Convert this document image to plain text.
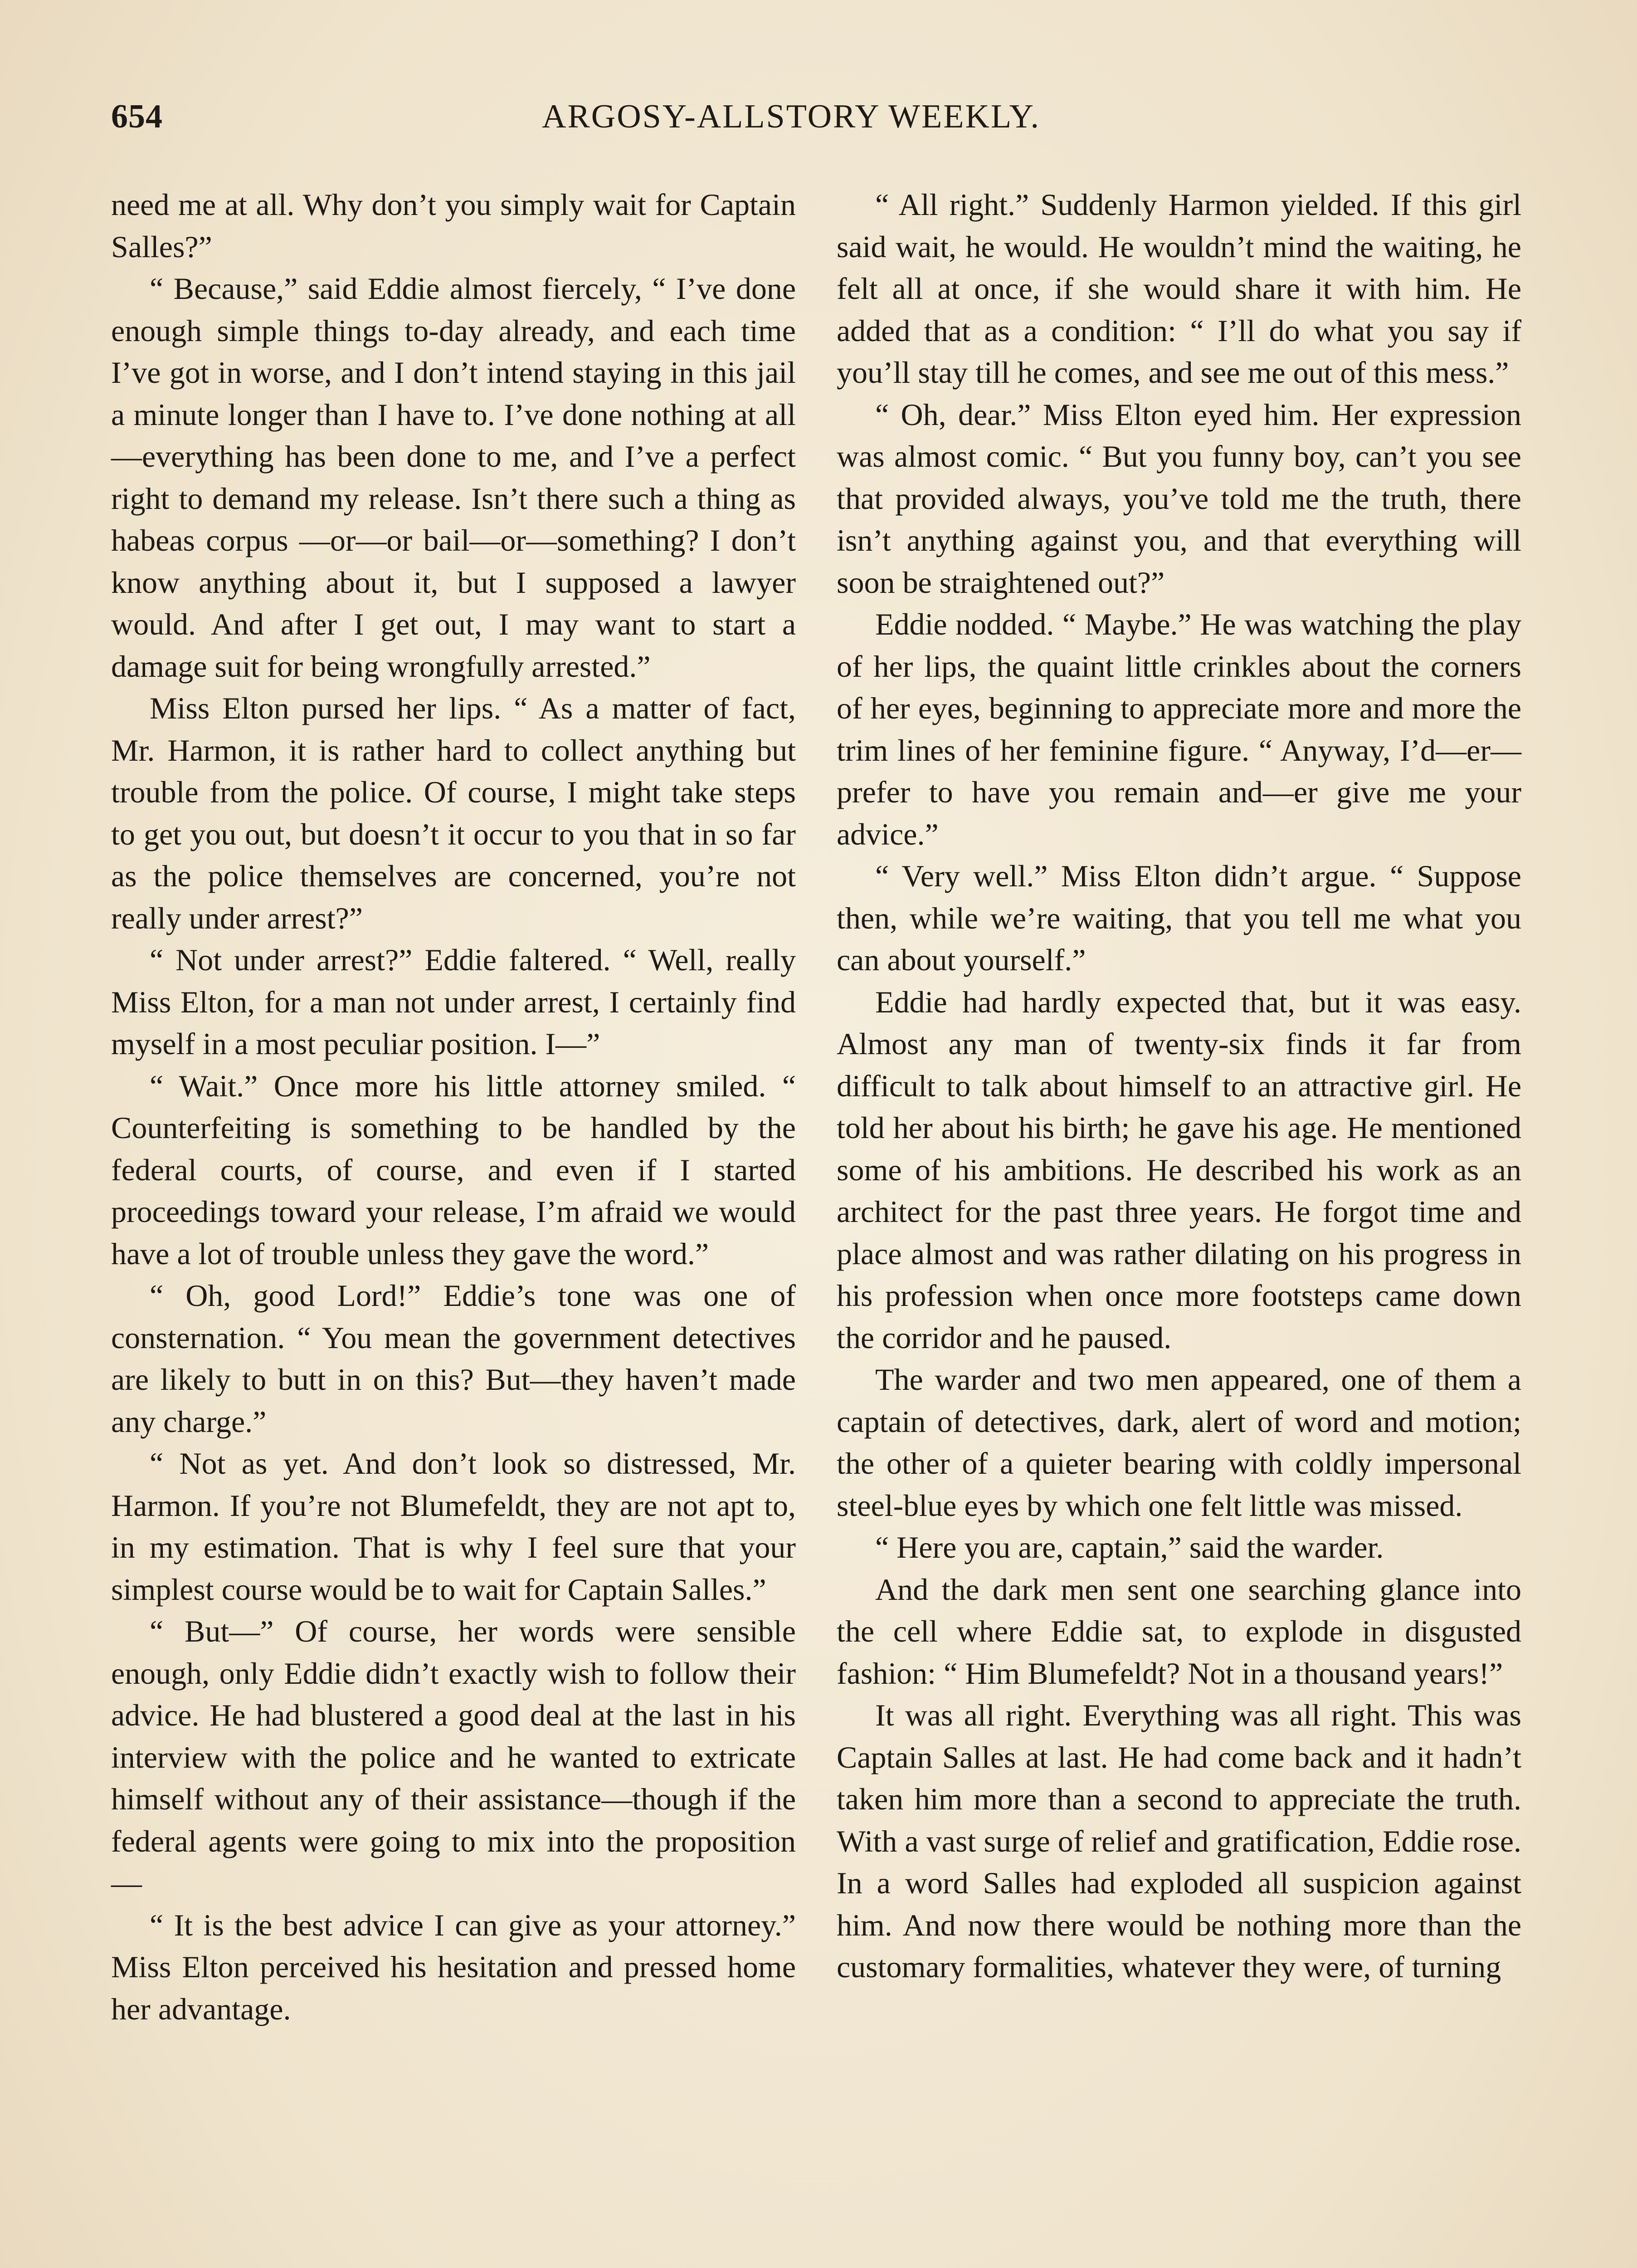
654	ARGOSY-ALLSTORY WEEKLY.

need me at all. Why don’t you simply wait for Captain Salles?”

“ Because,” said Eddie almost fiercely, “ I’ve done enough simple things to-day already, and each time I’ve got in worse, and I don’t intend staying in this jail a minute longer than I have to. I’ve done nothing at all—everything has been done to me, and I’ve a perfect right to demand my release. Isn’t there such a thing as habeas corpus —or—or bail—or—something? I don’t know anything about it, but I supposed a lawyer would. And after I get out, I may want to start a damage suit for being wrongfully arrested.”

Miss Elton pursed her lips. “ As a matter of fact, Mr. Harmon, it is rather hard to collect anything but trouble from the police. Of course, I might take steps to get you out, but doesn’t it occur to you that in so far as the police themselves are concerned, you’re not really under arrest?”

“ Not under arrest?” Eddie faltered. “ Well, really Miss Elton, for a man not under arrest, I certainly find myself in a most peculiar position. I—”

“ Wait.” Once more his little attorney smiled. “ Counterfeiting is something to be handled by the federal courts, of course, and even if I started proceedings toward your release, I’m afraid we would have a lot of trouble unless they gave the word.”

“ Oh, good Lord!” Eddie’s tone was one of consternation. “ You mean the government detectives are likely to butt in on this? But—they haven’t made any charge.”

“ Not as yet. And don’t look so distressed, Mr. Harmon. If you’re not Blumefeldt, they are not apt to, in my estimation. That is why I feel sure that your simplest course would be to wait for Captain Salles.”

“ But—” Of course, her words were sensible enough, only Eddie didn’t exactly wish to follow their advice. He had blustered a good deal at the last in his interview with the police and he wanted to extricate himself without any of their assistance—though if the federal agents were going to mix into the proposition—

“ It is the best advice I can give as your attorney.” Miss Elton perceived his hesitation and pressed home her advantage.

“ All right.” Suddenly Harmon yielded. If this girl said wait, he would. He wouldn’t mind the waiting, he felt all at once, if she would share it with him. He added that as a condition: “ I’ll do what you say if you’ll stay till he comes, and see me out of this mess.”

“ Oh, dear.” Miss Elton eyed him. Her expression was almost comic. “ But you funny boy, can’t you see that provided always, you’ve told me the truth, there isn’t anything against you, and that everything will soon be straightened out?”

Eddie nodded. “ Maybe.” He was watching the play of her lips, the quaint little crinkles about the corners of her eyes, beginning to appreciate more and more the trim lines of her feminine figure. “ Anyway, I’d—er—prefer to have you remain and—er give me your advice.”

“ Very well.” Miss Elton didn’t argue. “ Suppose then, while we’re waiting, that you tell me what you can about yourself.”

Eddie had hardly expected that, but it was easy. Almost any man of twenty-six finds it far from difficult to talk about himself to an attractive girl. He told her about his birth; he gave his age. He mentioned some of his ambitions. He described his work as an architect for the past three years. He forgot time and place almost and was rather dilating on his progress in his profession when once more footsteps came down the corridor and he paused.

The warder and two men appeared, one of them a captain of detectives, dark, alert of word and motion; the other of a quieter bearing with coldly impersonal steel-blue eyes by which one felt little was missed.

“ Here you are, captain,” said the warder.

And the dark men sent one searching glance into the cell where Eddie sat, to explode in disgusted fashion: “ Him Blumefeldt? Not in a thousand years!”

It was all right. Everything was all right. This was Captain Salles at last. He had come back and it hadn’t taken him more than a second to appreciate the truth. With a vast surge of relief and gratification, Eddie rose. In a word Salles had exploded all suspicion against him. And now there would be nothing more than the customary formalities, whatever they were, of turning
